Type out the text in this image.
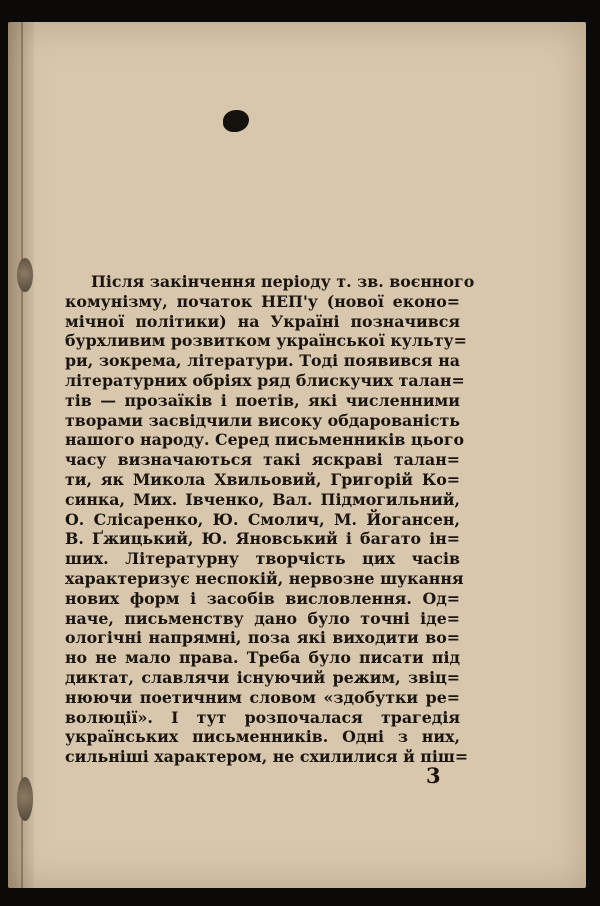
Після закінчення періоду т. зв. воєнного
комунізму, початок НЕП'у (нової еконо=
мічної політики) на Україні позначився
бурхливим розвитком української культу=
ри, зокрема, літератури. Тоді появився на
літературних обріях ряд блискучих талан=
тів — прозаїків і поетів, які численними
творами засвідчили високу обдарованість
нашого народу. Серед письменників цього
часу визначаються такі яскраві талан=
ти, як Микола Хвильовий, Григорій Ко=
синка, Мих. Івченко, Вал. Підмогильний,
О. Слісаренко, Ю. Смолич, М. Йогансен,
В. Ґжицький, Ю. Яновський і багато ін=
ших. Літературну творчість цих часів
характеризує неспокій, нервозне шукання
нових форм і засобів висловлення. Од=
наче, письменству дано було точні іде=
ологічні напрямні, поза які виходити во=
но не мало права. Треба було писати під
диктат, славлячи існуючий режим, звіц=
нюючи поетичним словом «здобутки ре=
волюції». І тут розпочалася трагедія
українських письменників. Одні з них,
сильніші характером, не схилилися й піш=
3
